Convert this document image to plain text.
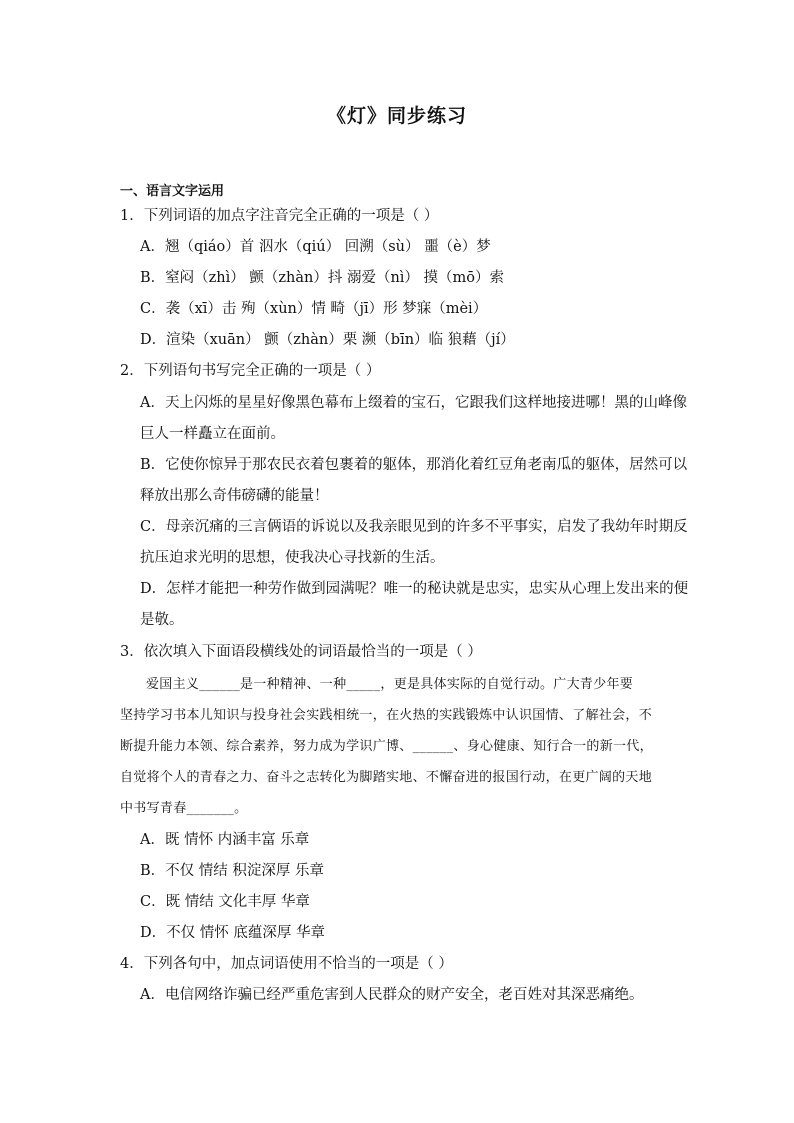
《灯》同步练习
一、语言文字运用
1．下列词语的加点字注音完全正确的一项是（ ）
A．翘（qiáo）首 泅水（qiú） 回溯（sù） 噩（è）梦
B．窒闷（zhì） 颤（zhàn）抖 溺爱（nì） 摸（mō）索
C．袭（xī）击 殉（xùn）情 畸（jī）形 梦寐（mèi）
D．渲染（xuān） 颤（zhàn）栗 濒（bīn）临 狼藉（jí）
2．下列语句书写完全正确的一项是（ ）
A．天上闪烁的星星好像黑色幕布上缀着的宝石，它跟我们这样地接进哪！黑的山峰像
巨人一样矗立在面前。
B．它使你惊异于那农民衣着包裹着的躯体，那消化着红豆角老南瓜的躯体，居然可以
释放出那么奇伟磅礴的能量！
C．母亲沉痛的三言俩语的诉说以及我亲眼见到的许多不平事实，启发了我幼年时期反
抗压迫求光明的思想，使我决心寻找新的生活。
D．怎样才能把一种劳作做到园满呢？唯一的秘诀就是忠实，忠实从心理上发出来的便
是敬。
3．依次填入下面语段横线处的词语最恰当的一项是（ ）
爱国主义______是一种精神、一种_____，更是具体实际的自觉行动。广大青少年要
坚持学习书本儿知识与投身社会实践相统一，在火热的实践锻炼中认识国情、了解社会，不
断提升能力本领、综合素养，努力成为学识广博、______、身心健康、知行合一的新一代，
自觉将个人的青春之力、奋斗之志转化为脚踏实地、不懈奋进的报国行动，在更广阔的天地
中书写青春_______。
A．既 情怀 内涵丰富 乐章
B．不仅 情结 积淀深厚 乐章
C．既 情结 文化丰厚 华章
D．不仅 情怀 底蕴深厚 华章
4．下列各句中，加点词语使用不恰当的一项是（ ）
A．电信网络诈骗已经严重危害到人民群众的财产安全，老百姓对其深恶痛绝。
